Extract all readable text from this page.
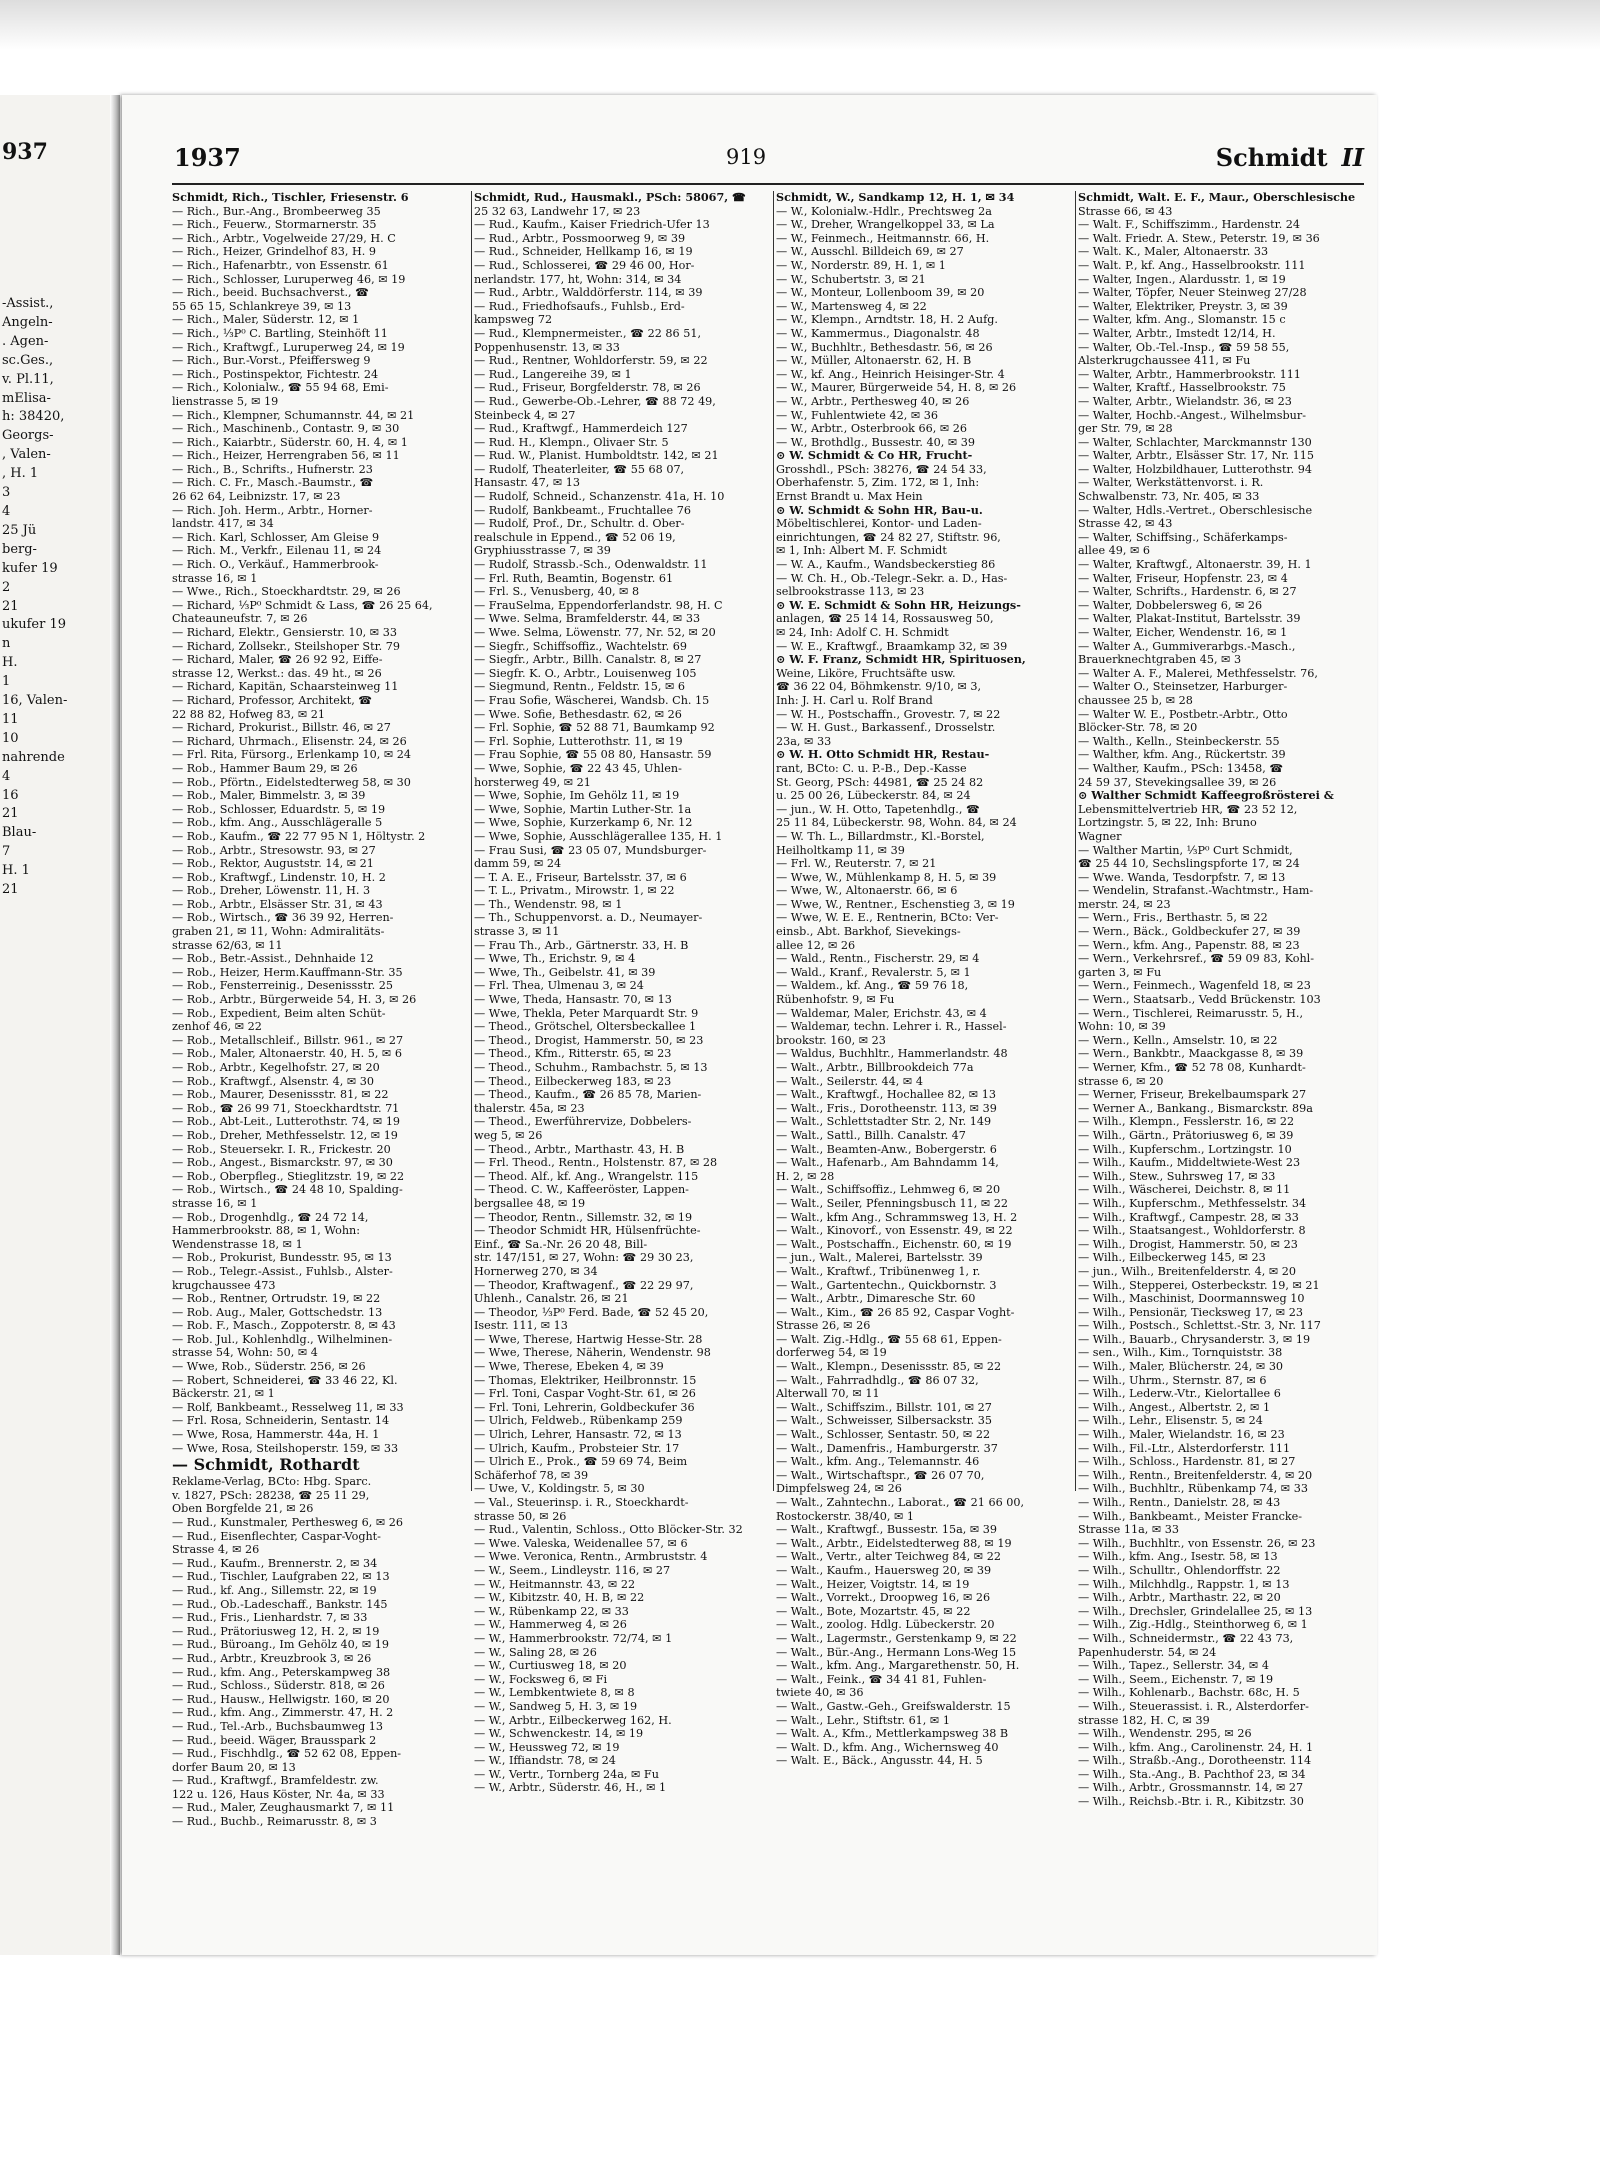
937
-Assist.,
Angeln-
. Agen-
sc.Ges.,
v. Pl.11,
mElisa-
h: 38420,
Georgs-
, Valen-
, H. 1
3
4
25 Jü
berg-
kufer 19
2
21
ukufer 19
n
H.
1
16, Valen-
11
10
nahrende
4
16
21
Blau-
7
H. 1
21
1937	919	Schmidt II
Schmidt, Rich., Tischler, Friesenstr. 6
— Rich., Bur.-Ang., Brombeerweg 35
— Rich., Feuerw., Stormarnerstr. 35
— Rich., Arbtr., Vogelweide 27/29, H. C
— Rich., Heizer, Grindelhof 83, H. 9
— Rich., Hafenarbtr., von Essenstr. 61
— Rich., Schlosser, Luruperweg 46, ✉ 19
— Rich., beeid. Buchsachverst., ☎
55 65 15, Schlankreye 39, ✉ 13
— Rich., Maler, Süderstr. 12, ✉ 1
— Rich., ⅓P⁰ C. Bartling, Steinhöft 11
— Rich., Kraftwgf., Luruperweg 24, ✉ 19
— Rich., Bur.-Vorst., Pfeiffersweg 9
— Rich., Postinspektor, Fichtestr. 24
— Rich., Kolonialw., ☎ 55 94 68, Emi-
lienstrasse 5, ✉ 19
— Rich., Klempner, Schumannstr. 44, ✉ 21
— Rich., Maschinenb., Contastr. 9, ✉ 30
— Rich., Kaiarbtr., Süderstr. 60, H. 4, ✉ 1
— Rich., Heizer, Herrengraben 56, ✉ 11
— Rich., B., Schrifts., Hufnerstr. 23
— Rich. C. Fr., Masch.-Baumstr., ☎
26 62 64, Leibnizstr. 17, ✉ 23
— Rich. Joh. Herm., Arbtr., Horner-
landstr. 417, ✉ 34
— Rich. Karl, Schlosser, Am Gleise 9
— Rich. M., Verkfr., Eilenau 11, ✉ 24
— Rich. O., Verkäuf., Hammerbrook-
strasse 16, ✉ 1
— Wwe., Rich., Stoeckhardtstr. 29, ✉ 26
— Richard, ⅓P⁰ Schmidt & Lass, ☎ 26 25 64,
Chateauneufstr. 7, ✉ 26
— Richard, Elektr., Gensierstr. 10, ✉ 33
— Richard, Zollsekr., Steilshoper Str. 79
— Richard, Maler, ☎ 26 92 92, Eiffe-
strasse 12, Werkst.: das. 49 ht., ✉ 26
— Richard, Kapitän, Schaarsteinweg 11
— Richard, Professor, Architekt, ☎
22 88 82, Hofweg 83, ✉ 21
— Richard, Prokurist., Billstr. 46, ✉ 27
— Richard, Uhrmach., Elisenstr. 24, ✉ 26
— Frl. Rita, Fürsorg., Erlenkamp 10, ✉ 24
— Rob., Hammer Baum 29, ✉ 26
— Rob., Pförtn., Eidelstedterweg 58, ✉ 30
— Rob., Maler, Bimmelstr. 3, ✉ 39
— Rob., Schlosser, Eduardstr. 5, ✉ 19
— Rob., kfm. Ang., Ausschlägeralle 5
— Rob., Kaufm., ☎ 22 77 95 N 1, Höltystr. 2
— Rob., Arbtr., Stresowstr. 93, ✉ 27
— Rob., Rektor, Auguststr. 14, ✉ 21
— Rob., Kraftwgf., Lindenstr. 10, H. 2
— Rob., Dreher, Löwenstr. 11, H. 3
— Rob., Arbtr., Elsässer Str. 31, ✉ 43
— Rob., Wirtsch., ☎ 36 39 92, Herren-
graben 21, ✉ 11, Wohn: Admiralitäts-
strasse 62/63, ✉ 11
— Rob., Betr.-Assist., Dehnhaide 12
— Rob., Heizer, Herm.Kauffmann-Str. 35
— Rob., Fensterreinig., Desenissstr. 25
— Rob., Arbtr., Bürgerweide 54, H. 3, ✉ 26
— Rob., Expedient, Beim alten Schüt-
zenhof 46, ✉ 22
— Rob., Metallschleif., Billstr. 961., ✉ 27
— Rob., Maler, Altonaerstr. 40, H. 5, ✉ 6
— Rob., Arbtr., Kegelhofstr. 27, ✉ 20
— Rob., Kraftwgf., Alsenstr. 4, ✉ 30
— Rob., Maurer, Desenissstr. 81, ✉ 22
— Rob., ☎ 26 99 71, Stoeckhardtstr. 71
— Rob., Abt-Leit., Lutterothstr. 74, ✉ 19
— Rob., Dreher, Methfesselstr. 12, ✉ 19
— Rob., Steuersekr. I. R., Frickestr. 20
— Rob., Angest., Bismarckstr. 97, ✉ 30
— Rob., Oberpfleg., Stieglitzstr. 19, ✉ 22
— Rob., Wirtsch., ☎ 24 48 10, Spalding-
strasse 16, ✉ 1
— Rob., Drogenhdlg., ☎ 24 72 14,
Hammerbrookstr. 88, ✉ 1, Wohn:
Wendenstrasse 18, ✉ 1
— Rob., Prokurist, Bundesstr. 95, ✉ 13
— Rob., Telegr.-Assist., Fuhlsb., Alster-
krugchaussee 473
— Rob., Rentner, Ortrudstr. 19, ✉ 22
— Rob. Aug., Maler, Gottschedstr. 13
— Rob. F., Masch., Zoppoterstr. 8, ✉ 43
— Rob. Jul., Kohlenhdlg., Wilhelminen-
strasse 54, Wohn: 50, ✉ 4
— Wwe, Rob., Süderstr. 256, ✉ 26
— Robert, Schneiderei, ☎ 33 46 22, Kl.
Bäckerstr. 21, ✉ 1
— Rolf, Bankbeamt., Resselweg 11, ✉ 33
— Frl. Rosa, Schneiderin, Sentastr. 14
— Wwe, Rosa, Hammerstr. 44a, H. 1
— Wwe, Rosa, Steilshoperstr. 159, ✉ 33
— Schmidt, Rothardt
Reklame-Verlag, BCto: Hbg. Sparc.
v. 1827, PSch: 28238, ☎ 25 11 29,
Oben Borgfelde 21, ✉ 26
— Rud., Kunstmaler, Perthesweg 6, ✉ 26
— Rud., Eisenflechter, Caspar-Voght-
Strasse 4, ✉ 26
— Rud., Kaufm., Brennerstr. 2, ✉ 34
— Rud., Tischler, Laufgraben 22, ✉ 13
— Rud., kf. Ang., Sillemstr. 22, ✉ 19
— Rud., Ob.-Ladeschaff., Bankstr. 145
— Rud., Fris., Lienhardstr. 7, ✉ 33
— Rud., Prätoriusweg 12, H. 2, ✉ 19
— Rud., Büroang., Im Gehölz 40, ✉ 19
— Rud., Arbtr., Kreuzbrook 3, ✉ 26
— Rud., kfm. Ang., Peterskampweg 38
— Rud., Schloss., Süderstr. 818, ✉ 26
— Rud., Hausw., Hellwigstr. 160, ✉ 20
— Rud., kfm. Ang., Zimmerstr. 47, H. 2
— Rud., Tel.-Arb., Buchsbaumweg 13
— Rud., beeid. Wäger, Brausspark 2
— Rud., Fischhdlg., ☎ 52 62 08, Eppen-
dorfer Baum 20, ✉ 13
— Rud., Kraftwgf., Bramfeldestr. zw.
122 u. 126, Haus Köster, Nr. 4a, ✉ 33
— Rud., Maler, Zeughausmarkt 7, ✉ 11
— Rud., Buchb., Reimarusstr. 8, ✉ 3
Schmidt, Rud., Hausmakl., PSch: 58067, ☎
25 32 63, Landwehr 17, ✉ 23
— Rud., Kaufm., Kaiser Friedrich-Ufer 13
— Rud., Arbtr., Possmoorweg 9, ✉ 39
— Rud., Schneider, Hellkamp 16, ✉ 19
— Rud., Schlosserei, ☎ 29 46 00, Hor-
nerlandstr. 177, ht, Wohn: 314, ✉ 34
— Rud., Arbtr., Walddörferstr. 114, ✉ 39
— Rud., Friedhofsaufs., Fuhlsb., Erd-
kampsweg 72
— Rud., Klempnermeister., ☎ 22 86 51,
Poppenhusenstr. 13, ✉ 33
— Rud., Rentner, Wohldorferstr. 59, ✉ 22
— Rud., Langereihe 39, ✉ 1
— Rud., Friseur, Borgfelderstr. 78, ✉ 26
— Rud., Gewerbe-Ob.-Lehrer, ☎ 88 72 49,
Steinbeck 4, ✉ 27
— Rud., Kraftwgf., Hammerdeich 127
— Rud. H., Klempn., Olivaer Str. 5
— Rud. W., Planist. Humboldtstr. 142, ✉ 21
— Rudolf, Theaterleiter, ☎ 55 68 07,
Hansastr. 47, ✉ 13
— Rudolf, Schneid., Schanzenstr. 41a, H. 10
— Rudolf, Bankbeamt., Fruchtallee 76
— Rudolf, Prof., Dr., Schultr. d. Ober-
realschule in Eppend., ☎ 52 06 19,
Gryphiusstrasse 7, ✉ 39
— Rudolf, Strassb.-Sch., Odenwaldstr. 11
— Frl. Ruth, Beamtin, Bogenstr. 61
— Frl. S., Venusberg, 40, ✉ 8
— FrauSelma, Eppendorferlandstr. 98, H. C
— Wwe. Selma, Bramfelderstr. 44, ✉ 33
— Wwe. Selma, Löwenstr. 77, Nr. 52, ✉ 20
— Siegfr., Schiffsoffiz., Wachtelstr. 69
— Siegfr., Arbtr., Billh. Canalstr. 8, ✉ 27
— Siegfr. K. O., Arbtr., Louisenweg 105
— Siegmund, Rentn., Feldstr. 15, ✉ 6
— Frau Sofie, Wäscherei, Wandsb. Ch. 15
— Wwe. Sofie, Bethesdastr. 62, ✉ 26
— Frl. Sophie, ☎ 52 88 71, Baumkamp 92
— Frl. Sophie, Lutterothstr. 11, ✉ 19
— Frau Sophie, ☎ 55 08 80, Hansastr. 59
— Wwe, Sophie, ☎ 22 43 45, Uhlen-
horsterweg 49, ✉ 21
— Wwe, Sophie, Im Gehölz 11, ✉ 19
— Wwe, Sophie, Martin Luther-Str. 1a
— Wwe, Sophie, Kurzerkamp 6, Nr. 12
— Wwe, Sophie, Ausschlägerallee 135, H. 1
— Frau Susi, ☎ 23 05 07, Mundsburger-
damm 59, ✉ 24
— T. A. E., Friseur, Bartelsstr. 37, ✉ 6
— T. L., Privatm., Mirowstr. 1, ✉ 22
— Th., Wendenstr. 98, ✉ 1
— Th., Schuppenvorst. a. D., Neumayer-
strasse 3, ✉ 11
— Frau Th., Arb., Gärtnerstr. 33, H. B
— Wwe, Th., Erichstr. 9, ✉ 4
— Wwe, Th., Geibelstr. 41, ✉ 39
— Frl. Thea, Ulmenau 3, ✉ 24
— Wwe, Theda, Hansastr. 70, ✉ 13
— Wwe, Thekla, Peter Marquardt Str. 9
— Theod., Grötschel, Oltersbeckallee 1
— Theod., Drogist, Hammerstr. 50, ✉ 23
— Theod., Kfm., Ritterstr. 65, ✉ 23
— Theod., Schuhm., Rambachstr. 5, ✉ 13
— Theod., Eilbeckerweg 183, ✉ 23
— Theod., Kaufm., ☎ 26 85 78, Marien-
thalerstr. 45a, ✉ 23
— Theod., Ewerführervize, Dobbelers-
weg 5, ✉ 26
— Theod., Arbtr., Marthastr. 43, H. B
— Frl. Theod., Rentn., Holstenstr. 87, ✉ 28
— Theod. Alf., kf. Ang., Wrangelstr. 115
— Theod. C. W., Kaffeeröster, Lappen-
bergsallee 48, ✉ 19
— Theodor, Rentn., Sillemstr. 32, ✉ 19
— Theodor Schmidt HR, Hülsenfrüchte-
Einf., ☎ Sa.-Nr. 26 20 48, Bill-
str. 147/151, ✉ 27, Wohn: ☎ 29 30 23,
Hornerweg 270, ✉ 34
— Theodor, Kraftwagenf., ☎ 22 29 97,
Uhlenh., Canalstr. 26, ✉ 21
— Theodor, ⅓P⁰ Ferd. Bade, ☎ 52 45 20,
Isestr. 111, ✉ 13
— Wwe, Therese, Hartwig Hesse-Str. 28
— Wwe, Therese, Näherin, Wendenstr. 98
— Wwe, Therese, Ebeken 4, ✉ 39
— Thomas, Elektriker, Heilbronnstr. 15
— Frl. Toni, Caspar Voght-Str. 61, ✉ 26
— Frl. Toni, Lehrerin, Goldbeckufer 36
— Ulrich, Feldweb., Rübenkamp 259
— Ulrich, Lehrer, Hansastr. 72, ✉ 13
— Ulrich, Kaufm., Probsteier Str. 17
— Ulrich E., Prok., ☎ 59 69 74, Beim
Schäferhof 78, ✉ 39
— Uwe, V., Koldingstr. 5, ✉ 30
— Val., Steuerinsp. i. R., Stoeckhardt-
strasse 50, ✉ 26
— Rud., Valentin, Schloss., Otto Blöcker-Str. 32
— Wwe. Valeska, Weidenallee 57, ✉ 6
— Wwe. Veronica, Rentn., Armbruststr. 4
— W., Seem., Lindleystr. 116, ✉ 27
— W., Heitmannstr. 43, ✉ 22
— W., Kibitzstr. 40, H. B, ✉ 22
— W., Rübenkamp 22, ✉ 33
— W., Hammerweg 4, ✉ 26
— W., Hammerbrookstr. 72/74, ✉ 1
— W., Saling 28, ✉ 26
— W., Curtiusweg 18, ✉ 20
— W., Focksweg 6, ✉ Fi
— W., Lembkentwiete 8, ✉ 8
— W., Sandweg 5, H. 3, ✉ 19
— W., Arbtr., Eilbeckerweg 162, H.
— W., Schwenckestr. 14, ✉ 19
— W., Heussweg 72, ✉ 19
— W., Iffiandstr. 78, ✉ 24
— W., Vertr., Tornberg 24a, ✉ Fu
— W., Arbtr., Süderstr. 46, H., ✉ 1
Schmidt, W., Sandkamp 12, H. 1, ✉ 34
— W., Kolonialw.-Hdlr., Prechtsweg 2a
— W., Dreher, Wrangelkoppel 33, ✉ La
— W., Feinmech., Heitmannstr. 66, H.
— W., Ausschl. Billdeich 69, ✉ 27
— W., Norderstr. 89, H. 1, ✉ 1
— W., Schubertstr. 3, ✉ 21
— W., Monteur, Lollenboom 39, ✉ 20
— W., Martensweg 4, ✉ 22
— W., Klempn., Arndtstr. 18, H. 2 Aufg.
— W., Kammermus., Diagonalstr. 48
— W., Buchhltr., Bethesdastr. 56, ✉ 26
— W., Müller, Altonaerstr. 62, H. B
— W., kf. Ang., Heinrich Heisinger-Str. 4
— W., Maurer, Bürgerweide 54, H. 8, ✉ 26
— W., Arbtr., Perthesweg 40, ✉ 26
— W., Fuhlentwiete 42, ✉ 36
— W., Arbtr., Osterbrook 66, ✉ 26
— W., Brothdlg., Bussestr. 40, ✉ 39
⊙ W. Schmidt & Co HR, Frucht-
Grosshdl., PSch: 38276, ☎ 24 54 33,
Oberhafenstr. 5, Zim. 172, ✉ 1, Inh:
Ernst Brandt u. Max Hein
⊙ W. Schmidt & Sohn HR, Bau-u.
Möbeltischlerei, Kontor- und Laden-
einrichtungen, ☎ 24 82 27, Stiftstr. 96,
✉ 1, Inh: Albert M. F. Schmidt
— W. A., Kaufm., Wandsbeckerstieg 86
— W. Ch. H., Ob.-Telegr.-Sekr. a. D., Has-
selbrookstrasse 113, ✉ 23
⊙ W. E. Schmidt & Sohn HR, Heizungs-
anlagen, ☎ 25 14 14, Rossausweg 50,
✉ 24, Inh: Adolf C. H. Schmidt
— W. E., Kraftwgf., Braamkamp 32, ✉ 39
⊙ W. F. Franz, Schmidt HR, Spirituosen,
Weine, Liköre, Fruchtsäfte usw.
☎ 36 22 04, Böhmkenstr. 9/10, ✉ 3,
Inh: J. H. Carl u. Rolf Brand
— W. H., Postschaffn., Grovestr. 7, ✉ 22
— W. H. Gust., Barkassenf., Drosselstr.
23a, ✉ 33
⊙ W. H. Otto Schmidt HR, Restau-
rant, BCto: C. u. P.-B., Dep.-Kasse
St. Georg, PSch: 44981, ☎ 25 24 82
u. 25 00 26, Lübeckerstr. 84, ✉ 24
— jun., W. H. Otto, Tapetenhdlg., ☎
25 11 84, Lübeckerstr. 98, Wohn. 84, ✉ 24
— W. Th. L., Billardmstr., Kl.-Borstel,
Heilholtkamp 11, ✉ 39
— Frl. W., Reuterstr. 7, ✉ 21
— Wwe, W., Mühlenkamp 8, H. 5, ✉ 39
— Wwe, W., Altonaerstr. 66, ✉ 6
— Wwe, W., Rentner., Eschenstieg 3, ✉ 19
— Wwe, W. E. E., Rentnerin, BCto: Ver-
einsb., Abt. Barkhof, Sievekings-
allee 12, ✉ 26
— Wald., Rentn., Fischerstr. 29, ✉ 4
— Wald., Kranf., Revalerstr. 5, ✉ 1
— Waldem., kf. Ang., ☎ 59 76 18,
Rübenhofstr. 9, ✉ Fu
— Waldemar, Maler, Erichstr. 43, ✉ 4
— Waldemar, techn. Lehrer i. R., Hassel-
brookstr. 160, ✉ 23
— Waldus, Buchhltr., Hammerlandstr. 48
— Walt., Arbtr., Billbrookdeich 77a
— Walt., Seilerstr. 44, ✉ 4
— Walt., Kraftwgf., Hochallee 82, ✉ 13
— Walt., Fris., Dorotheenstr. 113, ✉ 39
— Walt., Schlettstadter Str. 2, Nr. 149
— Walt., Sattl., Billh. Canalstr. 47
— Walt., Beamten-Anw., Bobergerstr. 6
— Walt., Hafenarb., Am Bahndamm 14,
H. 2, ✉ 28
— Walt., Schiffsoffiz., Lehmweg 6, ✉ 20
— Walt., Seiler, Pfenningsbusch 11, ✉ 22
— Walt., kfm Ang., Schrammsweg 13, H. 2
— Walt., Kinovorf., von Essenstr. 49, ✉ 22
— Walt., Postschaffn., Eichenstr. 60, ✉ 19
— jun., Walt., Malerei, Bartelsstr. 39
— Walt., Kraftwf., Tribünenweg 1, r.
— Walt., Gartentechn., Quickbornstr. 3
— Walt., Arbtr., Dimaresche Str. 60
— Walt., Kim., ☎ 26 85 92, Caspar Voght-
Strasse 26, ✉ 26
— Walt. Zig.-Hdlg., ☎ 55 68 61, Eppen-
dorferweg 54, ✉ 19
— Walt., Klempn., Desenissstr. 85, ✉ 22
— Walt., Fahrradhdlg., ☎ 86 07 32,
Alterwall 70, ✉ 11
— Walt., Schiffszim., Billstr. 101, ✉ 27
— Walt., Schweisser, Silbersackstr. 35
— Walt., Schlosser, Sentastr. 50, ✉ 22
— Walt., Damenfris., Hamburgerstr. 37
— Walt., kfm. Ang., Telemannstr. 46
— Walt., Wirtschaftspr., ☎ 26 07 70,
Dimpfelsweg 24, ✉ 26
— Walt., Zahntechn., Laborat., ☎ 21 66 00,
Rostockerstr. 38/40, ✉ 1
— Walt., Kraftwgf., Bussestr. 15a, ✉ 39
— Walt., Arbtr., Eidelstedterweg 88, ✉ 19
— Walt., Vertr., alter Teichweg 84, ✉ 22
— Walt., Kaufm., Hauersweg 20, ✉ 39
— Walt., Heizer, Voigtstr. 14, ✉ 19
— Walt., Vorrekt., Droopweg 16, ✉ 26
— Walt., Bote, Mozartstr. 45, ✉ 22
— Walt., zoolog. Hdlg. Lübeckerstr. 20
— Walt., Lagermstr., Gerstenkamp 9, ✉ 22
— Walt., Bür.-Ang., Hermann Lons-Weg 15
— Walt., kfm. Ang., Margarethenstr. 50, H.
— Walt., Feink., ☎ 34 41 81, Fuhlen-
twiete 40, ✉ 36
— Walt., Gastw.-Geh., Greifswalderstr. 15
— Walt., Lehr., Stiftstr. 61, ✉ 1
— Walt. A., Kfm., Mettlerkampsweg 38 B
— Walt. D., kfm. Ang., Wichernsweg 40
— Walt. E., Bäck., Angusstr. 44, H. 5
Schmidt, Walt. E. F., Maur., Oberschlesische
Strasse 66, ✉ 43
— Walt. F., Schiffszimm., Hardenstr. 24
— Walt. Friedr. A. Stew., Peterstr. 19, ✉ 36
— Walt. K., Maler, Altonaerstr. 33
— Walt. P., kf. Ang., Hasselbrookstr. 111
— Walter, Ingen., Alardusstr. 1, ✉ 19
— Walter, Töpfer, Neuer Steinweg 27/28
— Walter, Elektriker, Preystr. 3, ✉ 39
— Walter, kfm. Ang., Slomanstr. 15 c
— Walter, Arbtr., Imstedt 12/14, H.
— Walter, Ob.-Tel.-Insp., ☎ 59 58 55,
Alsterkrugchaussee 411, ✉ Fu
— Walter, Arbtr., Hammerbrookstr. 111
— Walter, Kraftf., Hasselbrookstr. 75
— Walter, Arbtr., Wielandstr. 36, ✉ 23
— Walter, Hochb.-Angest., Wilhelmsbur-
ger Str. 79, ✉ 28
— Walter, Schlachter, Marckmannstr 130
— Walter, Arbtr., Elsässer Str. 17, Nr. 115
— Walter, Holzbildhauer, Lutterothstr. 94
— Walter, Werkstättenvorst. i. R.
Schwalbenstr. 73, Nr. 405, ✉ 33
— Walter, Hdls.-Vertret., Oberschlesische
Strasse 42, ✉ 43
— Walter, Schiffsing., Schäferkamps-
allee 49, ✉ 6
— Walter, Kraftwgf., Altonaerstr. 39, H. 1
— Walter, Friseur, Hopfenstr. 23, ✉ 4
— Walter, Schrifts., Hardenstr. 6, ✉ 27
— Walter, Dobbelersweg 6, ✉ 26
— Walter, Plakat-Institut, Bartelsstr. 39
— Walter, Eicher, Wendenstr. 16, ✉ 1
— Walter A., Gummiverarbgs.-Masch.,
Brauerknechtgraben 45, ✉ 3
— Walter A. F., Malerei, Methfesselstr. 76,
— Walter O., Steinsetzer, Harburger-
chaussee 25 b, ✉ 28
— Walter W. E., Postbetr.-Arbtr., Otto
Blöcker-Str. 78, ✉ 20
— Walth., Kelln., Steinbeckerstr. 55
— Walther, kfm. Ang., Rückertstr. 39
— Walther, Kaufm., PSch: 13458, ☎
24 59 37, Stevekingsallee 39, ✉ 26
⊙ Walther Schmidt Kaffeegroßrösterei &
Lebensmittelvertrieb HR, ☎ 23 52 12,
Lortzingstr. 5, ✉ 22, Inh: Bruno
Wagner
— Walther Martin, ⅓P⁰ Curt Schmidt,
☎ 25 44 10, Sechslingspforte 17, ✉ 24
— Wwe. Wanda, Tesdorpfstr. 7, ✉ 13
— Wendelin, Strafanst.-Wachtmstr., Ham-
merstr. 24, ✉ 23
— Wern., Fris., Berthastr. 5, ✉ 22
— Wern., Bäck., Goldbeckufer 27, ✉ 39
— Wern., kfm. Ang., Papenstr. 88, ✉ 23
— Wern., Verkehrsref., ☎ 59 09 83, Kohl-
garten 3, ✉ Fu
— Wern., Feinmech., Wagenfeld 18, ✉ 23
— Wern., Staatsarb., Vedd Brückenstr. 103
— Wern., Tischlerei, Reimarusstr. 5, H.,
Wohn: 10, ✉ 39
— Wern., Kelln., Amselstr. 10, ✉ 22
— Wern., Bankbtr., Maackgasse 8, ✉ 39
— Werner, Kfm., ☎ 52 78 08, Kunhardt-
strasse 6, ✉ 20
— Werner, Friseur, Brekelbaumspark 27
— Werner A., Bankang., Bismarckstr. 89a
— Wilh., Klempn., Fesslerstr. 16, ✉ 22
— Wilh., Gärtn., Prätoriusweg 6, ✉ 39
— Wilh., Kupferschm., Lortzingstr. 10
— Wilh., Kaufm., Middeltwiete-West 23
— Wilh., Stew., Suhrsweg 17, ✉ 33
— Wilh., Wäscherei, Deichstr. 8, ✉ 11
— Wilh., Kupferschm., Methfesselstr. 34
— Wilh., Kraftwgf., Campestr. 28, ✉ 33
— Wilh., Staatsangest., Wohldorferstr. 8
— Wilh., Drogist, Hammerstr. 50, ✉ 23
— Wilh., Eilbeckerweg 145, ✉ 23
— jun., Wilh., Breitenfelderstr. 4, ✉ 20
— Wilh., Stepperei, Osterbeckstr. 19, ✉ 21
— Wilh., Maschinist, Doormannsweg 10
— Wilh., Pensionär, Tiecksweg 17, ✉ 23
— Wilh., Postsch., Schlettst.-Str. 3, Nr. 117
— Wilh., Bauarb., Chrysanderstr. 3, ✉ 19
— sen., Wilh., Kim., Tornquiststr. 38
— Wilh., Maler, Blücherstr. 24, ✉ 30
— Wilh., Uhrm., Sternstr. 87, ✉ 6
— Wilh., Lederw.-Vtr., Kielortallee 6
— Wilh., Angest., Albertstr. 2, ✉ 1
— Wilh., Lehr., Elisenstr. 5, ✉ 24
— Wilh., Maler, Wielandstr. 16, ✉ 23
— Wilh., Fil.-Ltr., Alsterdorferstr. 111
— Wilh., Schloss., Hardenstr. 81, ✉ 27
— Wilh., Rentn., Breitenfelderstr. 4, ✉ 20
— Wilh., Buchhltr., Rübenkamp 74, ✉ 33
— Wilh., Rentn., Danielstr. 28, ✉ 43
— Wilh., Bankbeamt., Meister Francke-
Strasse 11a, ✉ 33
— Wilh., Buchhltr., von Essenstr. 26, ✉ 23
— Wilh., kfm. Ang., Isestr. 58, ✉ 13
— Wilh., Schulltr., Ohlendorffstr. 22
— Wilh., Milchhdlg., Rappstr. 1, ✉ 13
— Wilh., Arbtr., Marthastr. 22, ✉ 20
— Wilh., Drechsler, Grindelallee 25, ✉ 13
— Wilh., Zig.-Hdlg., Steinthorweg 6, ✉ 1
— Wilh., Schneidermstr., ☎ 22 43 73,
Papenhuderstr. 54, ✉ 24
— Wilh., Tapez., Sellerstr. 34, ✉ 4
— Wilh., Seem., Eichenstr. 7, ✉ 19
— Wilh., Kohlenarb., Bachstr. 68c, H. 5
— Wilh., Steuerassist. i. R., Alsterdorfer-
strasse 182, H. C, ✉ 39
— Wilh., Wendenstr. 295, ✉ 26
— Wilh., kfm. Ang., Carolinenstr. 24, H. 1
— Wilh., Straßb.-Ang., Dorotheenstr. 114
— Wilh., Sta.-Ang., B. Pachthof 23, ✉ 34
— Wilh., Arbtr., Grossmannstr. 14, ✉ 27
— Wilh., Reichsb.-Btr. i. R., Kibitzstr. 30
